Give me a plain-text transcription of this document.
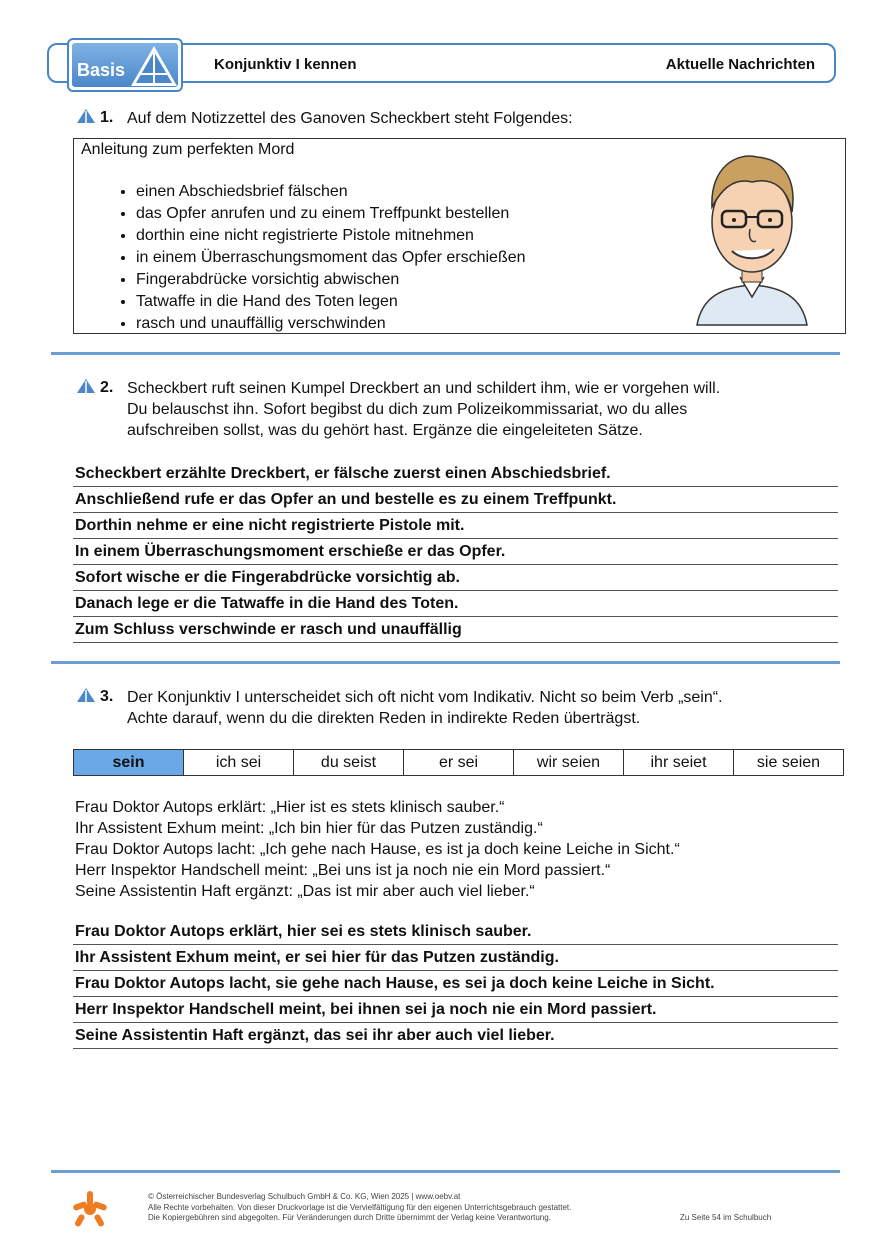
Basis	Konjunktiv I kennen	Aktuelle Nachrichten
1. Auf dem Notizzettel des Ganoven Scheckbert steht Folgendes:
• einen Abschiedsbrief fälschen
• das Opfer anrufen und zu einem Treffpunkt bestellen
• dorthin eine nicht registrierte Pistole mitnehmen
• in einem Überraschungsmoment das Opfer erschießen
• Fingerabdrücke vorsichtig abwischen
• Tatwaffe in die Hand des Toten legen
• rasch und unauffällig verschwinden
Anleitung zum perfekten Mord
2. Scheckbert ruft seinen Kumpel Dreckbert an und schildert ihm, wie er vorgehen will.
Du belauschst ihn. Sofort begibst du dich zum Polizeikommissariat, wo du alles
aufschreiben sollst, was du gehört hast. Ergänze die eingeleiteten Sätze.
Scheckbert erzählte Dreckbert, er fälsche zuerst einen Abschiedsbrief.
Anschließend rufe er das Opfer an und bestelle es zu einem Treffpunkt.
Dorthin nehme er eine nicht registrierte Pistole mit.
In einem Überraschungsmoment erschieße er das Opfer.
Sofort wische er die Fingerabdrücke vorsichtig ab.
Danach lege er die Tatwaffe in die Hand des Toten.
Zum Schluss verschwinde er rasch und unauffällig
3. Der Konjunktiv I unterscheidet sich oft nicht vom Indikativ. Nicht so beim Verb „sein“.
Achte darauf, wenn du die direkten Reden in indirekte Reden überträgst.
sein	ich sei	du seist	er sei	wir seien	ihr seiet	sie seien
Frau Doktor Autops erklärt: „Hier ist es stets klinisch sauber.“
Ihr Assistent Exhum meint: „Ich bin hier für das Putzen zuständig.“
Frau Doktor Autops lacht: „Ich gehe nach Hause, es ist ja doch keine Leiche in Sicht.“
Herr Inspektor Handschell meint: „Bei uns ist ja noch nie ein Mord passiert.“
Seine Assistentin Haft ergänzt: „Das ist mir aber auch viel lieber.“
Frau Doktor Autops erklärt, hier sei es stets klinisch sauber.
Ihr Assistent Exhum meint, er sei hier für das Putzen zuständig.
Frau Doktor Autops lacht, sie gehe nach Hause, es sei ja doch keine Leiche in Sicht.
Herr Inspektor Handschell meint, bei ihnen sei ja noch nie ein Mord passiert.
Seine Assistentin Haft ergänzt, das sei ihr aber auch viel lieber.
© Österreichischer Bundesverlag Schulbuch GmbH & Co. KG, Wien 2025 | www.oebv.at
Alle Rechte vorbehalten. Von dieser Druckvorlage ist die Vervielfältigung für den eigenen Unterrichtsgebrauch gestattet.
Die Kopiergebühren sind abgegolten. Für Veränderungen durch Dritte übernimmt der Verlag keine Verantwortung.	Zu Seite 54 im Schulbuch
